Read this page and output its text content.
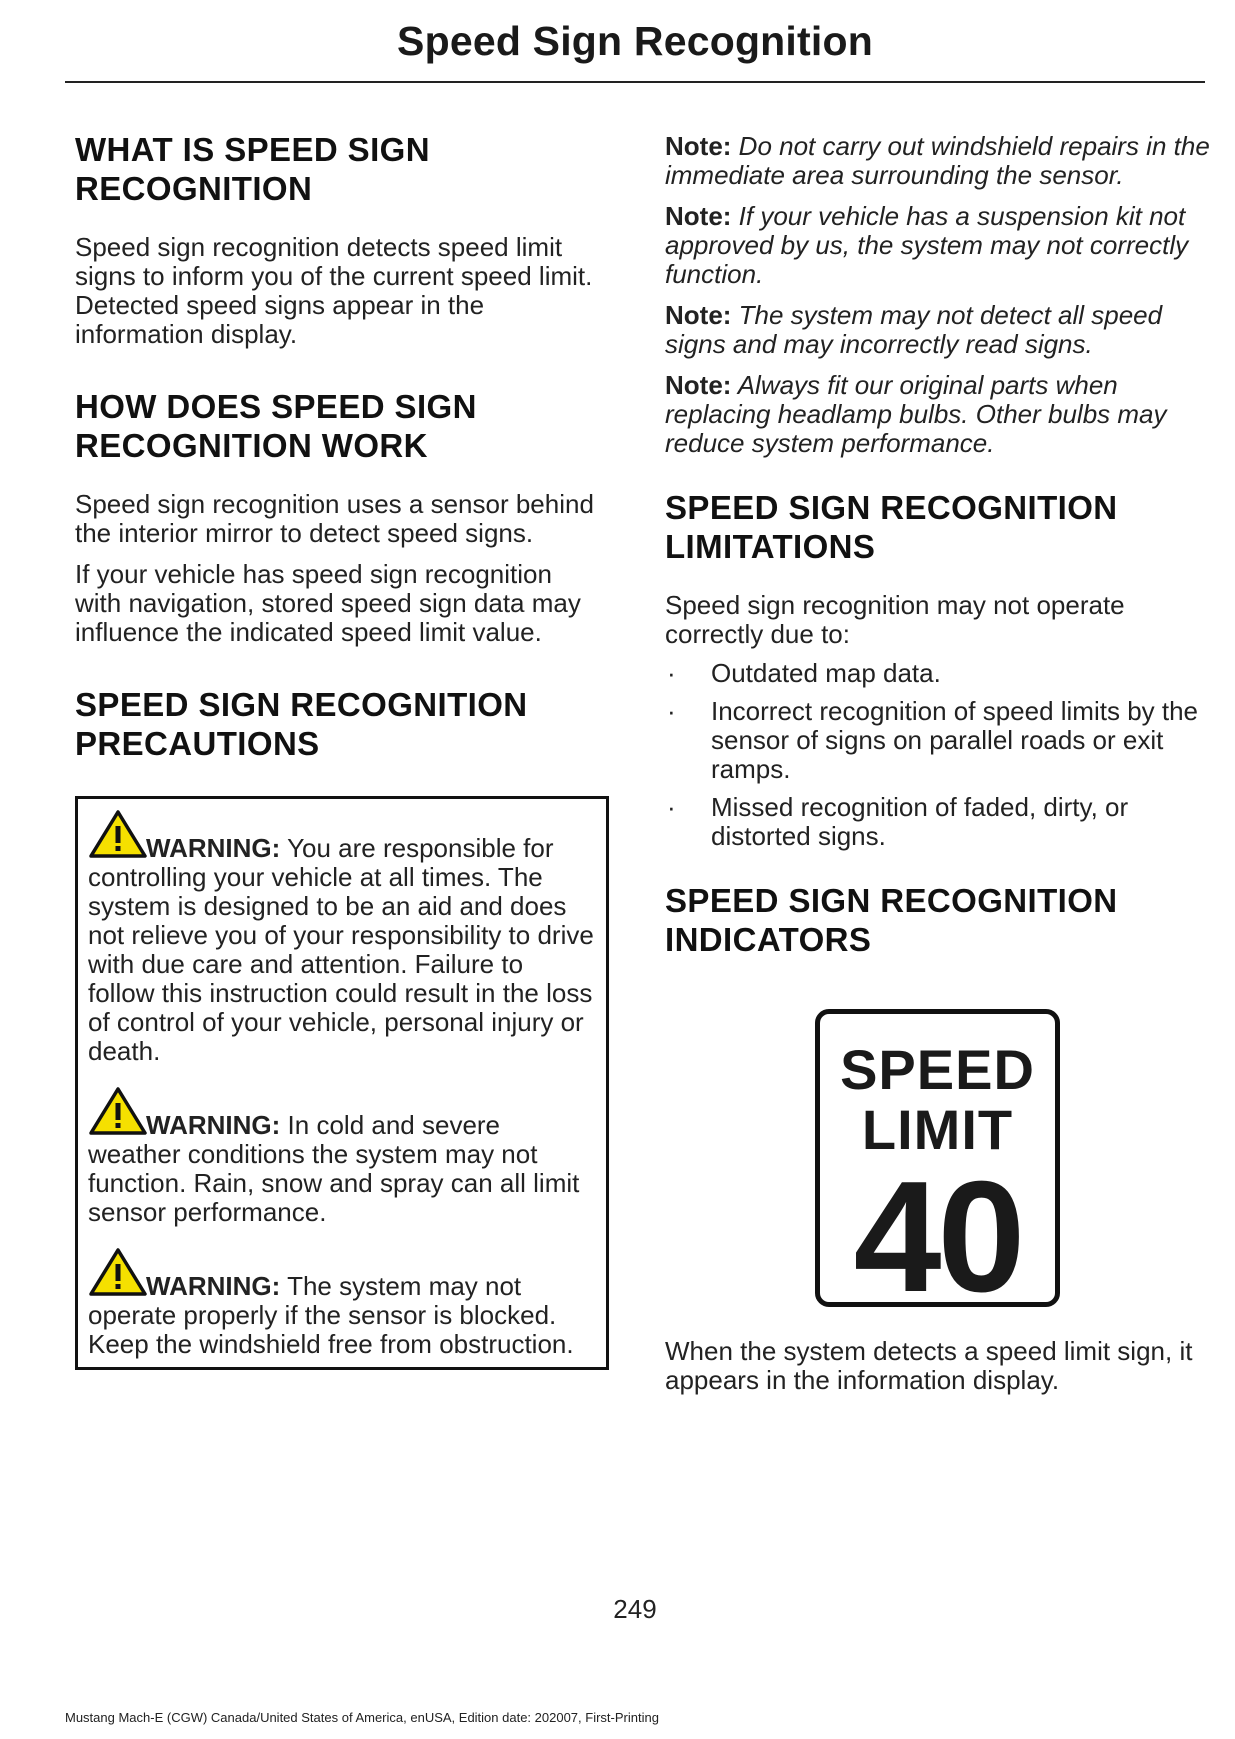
Speed Sign Recognition
WHAT IS SPEED SIGN RECOGNITION

Speed sign recognition detects speed limit signs to inform you of the current speed limit. Detected speed signs appear in the information display.

HOW DOES SPEED SIGN RECOGNITION WORK

Speed sign recognition uses a sensor behind the interior mirror to detect speed signs.

If your vehicle has speed sign recognition with navigation, stored speed sign data may influence the indicated speed limit value.

SPEED SIGN RECOGNITION PRECAUTIONS

WARNING: You are responsible for controlling your vehicle at all times. The system is designed to be an aid and does not relieve you of your responsibility to drive with due care and attention. Failure to follow this instruction could result in the loss of control of your vehicle, personal injury or death.

WARNING: In cold and severe weather conditions the system may not function. Rain, snow and spray can all limit sensor performance.

WARNING: The system may not operate properly if the sensor is blocked. Keep the windshield free from obstruction.

Note: Do not carry out windshield repairs in the immediate area surrounding the sensor.

Note: If your vehicle has a suspension kit not approved by us, the system may not correctly function.

Note: The system may not detect all speed signs and may incorrectly read signs.

Note: Always fit our original parts when replacing headlamp bulbs. Other bulbs may reduce system performance.

SPEED SIGN RECOGNITION LIMITATIONS

Speed sign recognition may not operate correctly due to:

· Outdated map data.
· Incorrect recognition of speed limits by the sensor of signs on parallel roads or exit ramps.
· Missed recognition of faded, dirty, or distorted signs.
SPEED SIGN RECOGNITION INDICATORS
SPEED
LIMIT
40

When the system detects a speed limit sign, it appears in the information display.

249
Mustang Mach-E (CGW) Canada/United States of America, enUSA, Edition date: 202007, First-Printing
